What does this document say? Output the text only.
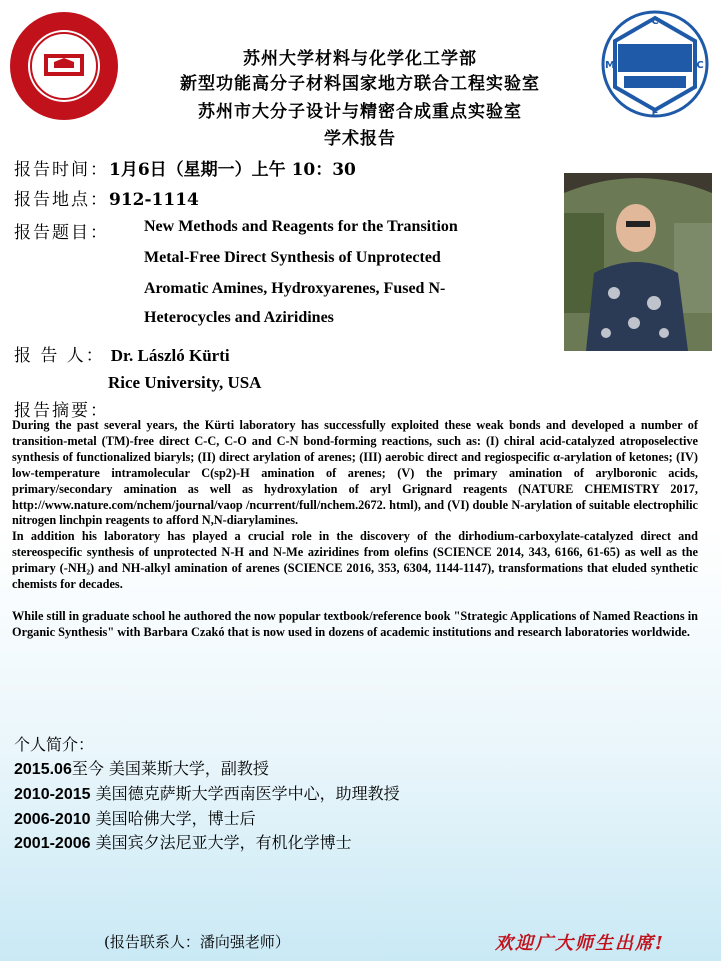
C
C
E
M
苏州大学材料与化学化工学部
新型功能高分子材料国家地方联合工程实验室
苏州市大分子设计与精密合成重点实验室
学术报告
报告时间：1月6日（星期一）上午 10：30
报告地点：912-1114
报告题目： New Methods and Reagents for the Transition
Metal-Free Direct Synthesis of Unprotected
Aromatic Amines, Hydroxyarenes, Fused N-
Heterocycles and Aziridines
报 告 人： Dr. László Kürti
Rice University, USA
报告摘要：

During the past several years, the Kürti laboratory has successfully exploited these weak bonds and developed a number of transition-metal (TM)-free direct C-C, C-O and C-N bond-forming reactions, such as: (I) chiral acid-catalyzed atroposelective synthesis of functionalized biaryls; (II) direct arylation of arenes; (III) aerobic direct and regiospecific α-arylation of ketones; (IV) low-temperature intramolecular C(sp2)-H amination of arenes; (V) the primary amination of arylboronic acids, primary/secondary amination as well as hydroxylation of aryl Grignard reagents (NATURE CHEMISTRY 2017, http://www.nature.com/nchem/journal/vaop /ncurrent/full/nchem.2672. html), and (VI) double N-arylation of suitable electrophilic nitrogen linchpin reagents to afford N,N-diarylamines.

In addition his laboratory has played a crucial role in the discovery of the dirhodium-carboxylate-catalyzed direct and stereospecific synthesis of unprotected N-H and N-Me aziridines from olefins (SCIENCE 2014, 343, 6166, 61-65) as well as the primary (-NH₂) and NH-alkyl amination of arenes (SCIENCE 2016, 353, 6304, 1144-1147), transformations that eluded synthetic chemists for decades.

While still in graduate school he authored the now popular textbook/reference book "Strategic Applications of Named Reactions in Organic Synthesis" with Barbara Czakó that is now used in dozens of academic institutions and research laboratories worldwide.

个人简介：
2015.06至今 美国莱斯大学，副教授
2010-2015 美国德克萨斯大学西南医学中心，助理教授
2006-2010 美国哈佛大学，博士后
2001-2006 美国宾夕法尼亚大学，有机化学博士
(报告联系人：潘向强老师）	欢迎广大师生出席!
